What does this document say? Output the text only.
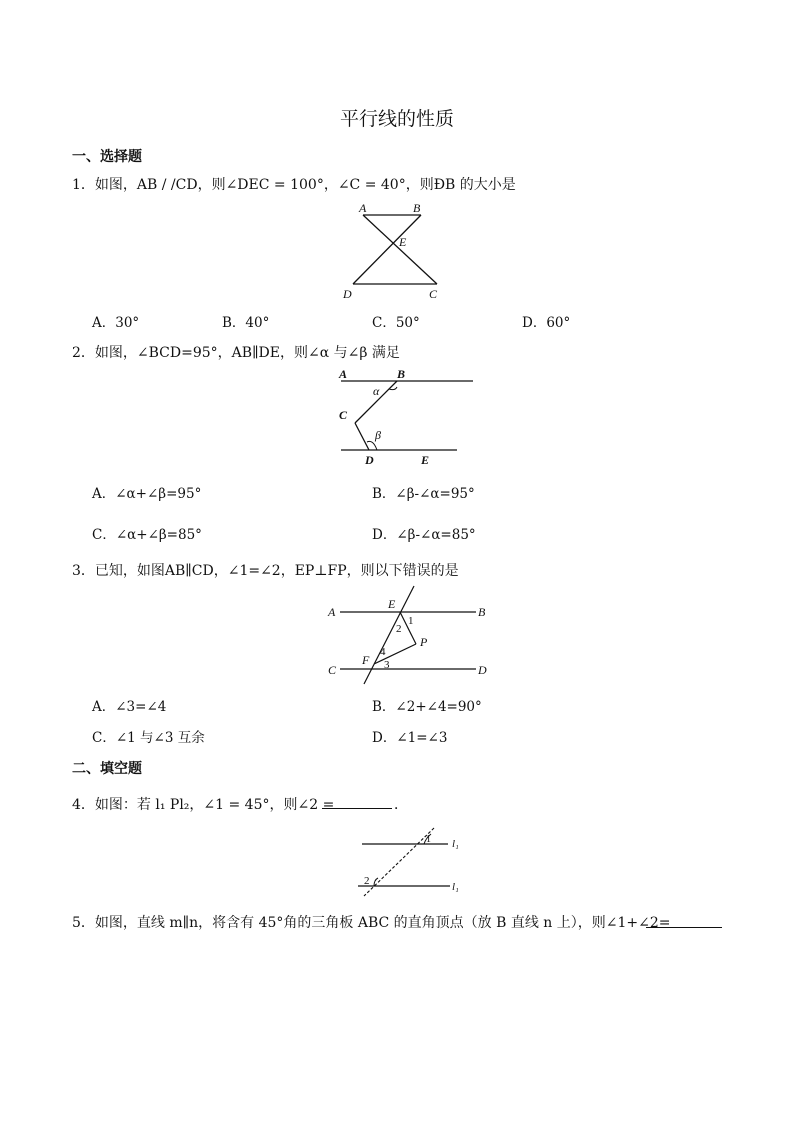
平行线的性质
一、选择题
1．如图，AB / /CD，则∠DEC = 100°，∠C = 40°，则ÐB 的大小是
A	B
E
D	C
A．30°	B．40°	C．50°	D．60°
2．如图，∠BCD=95°，AB∥DE，则∠α 与∠β 满足
A	B
α
C
β
D	E
A．∠α+∠β=95°	B．∠β-∠α=95°
C．∠α+∠β=85°	D．∠β-∠α=85°
3．已知，如图AB∥CD，∠1=∠2，EP⊥FP，则以下错误的是
A
E
B
1
2
P
F
4
3
C	D
A．∠3=∠4	B．∠2+∠4=90°
C．∠1 与∠3 互余	D．∠1=∠3
二、填空题
4．如图：若 l₁ Pl₂，∠1 = 45°，则∠2 =	．
1
2
l₁
l₁
5．如图，直线 m∥n，将含有 45°角的三角板 ABC 的直角顶点（放 B 直线 n 上），则∠1+∠2=
